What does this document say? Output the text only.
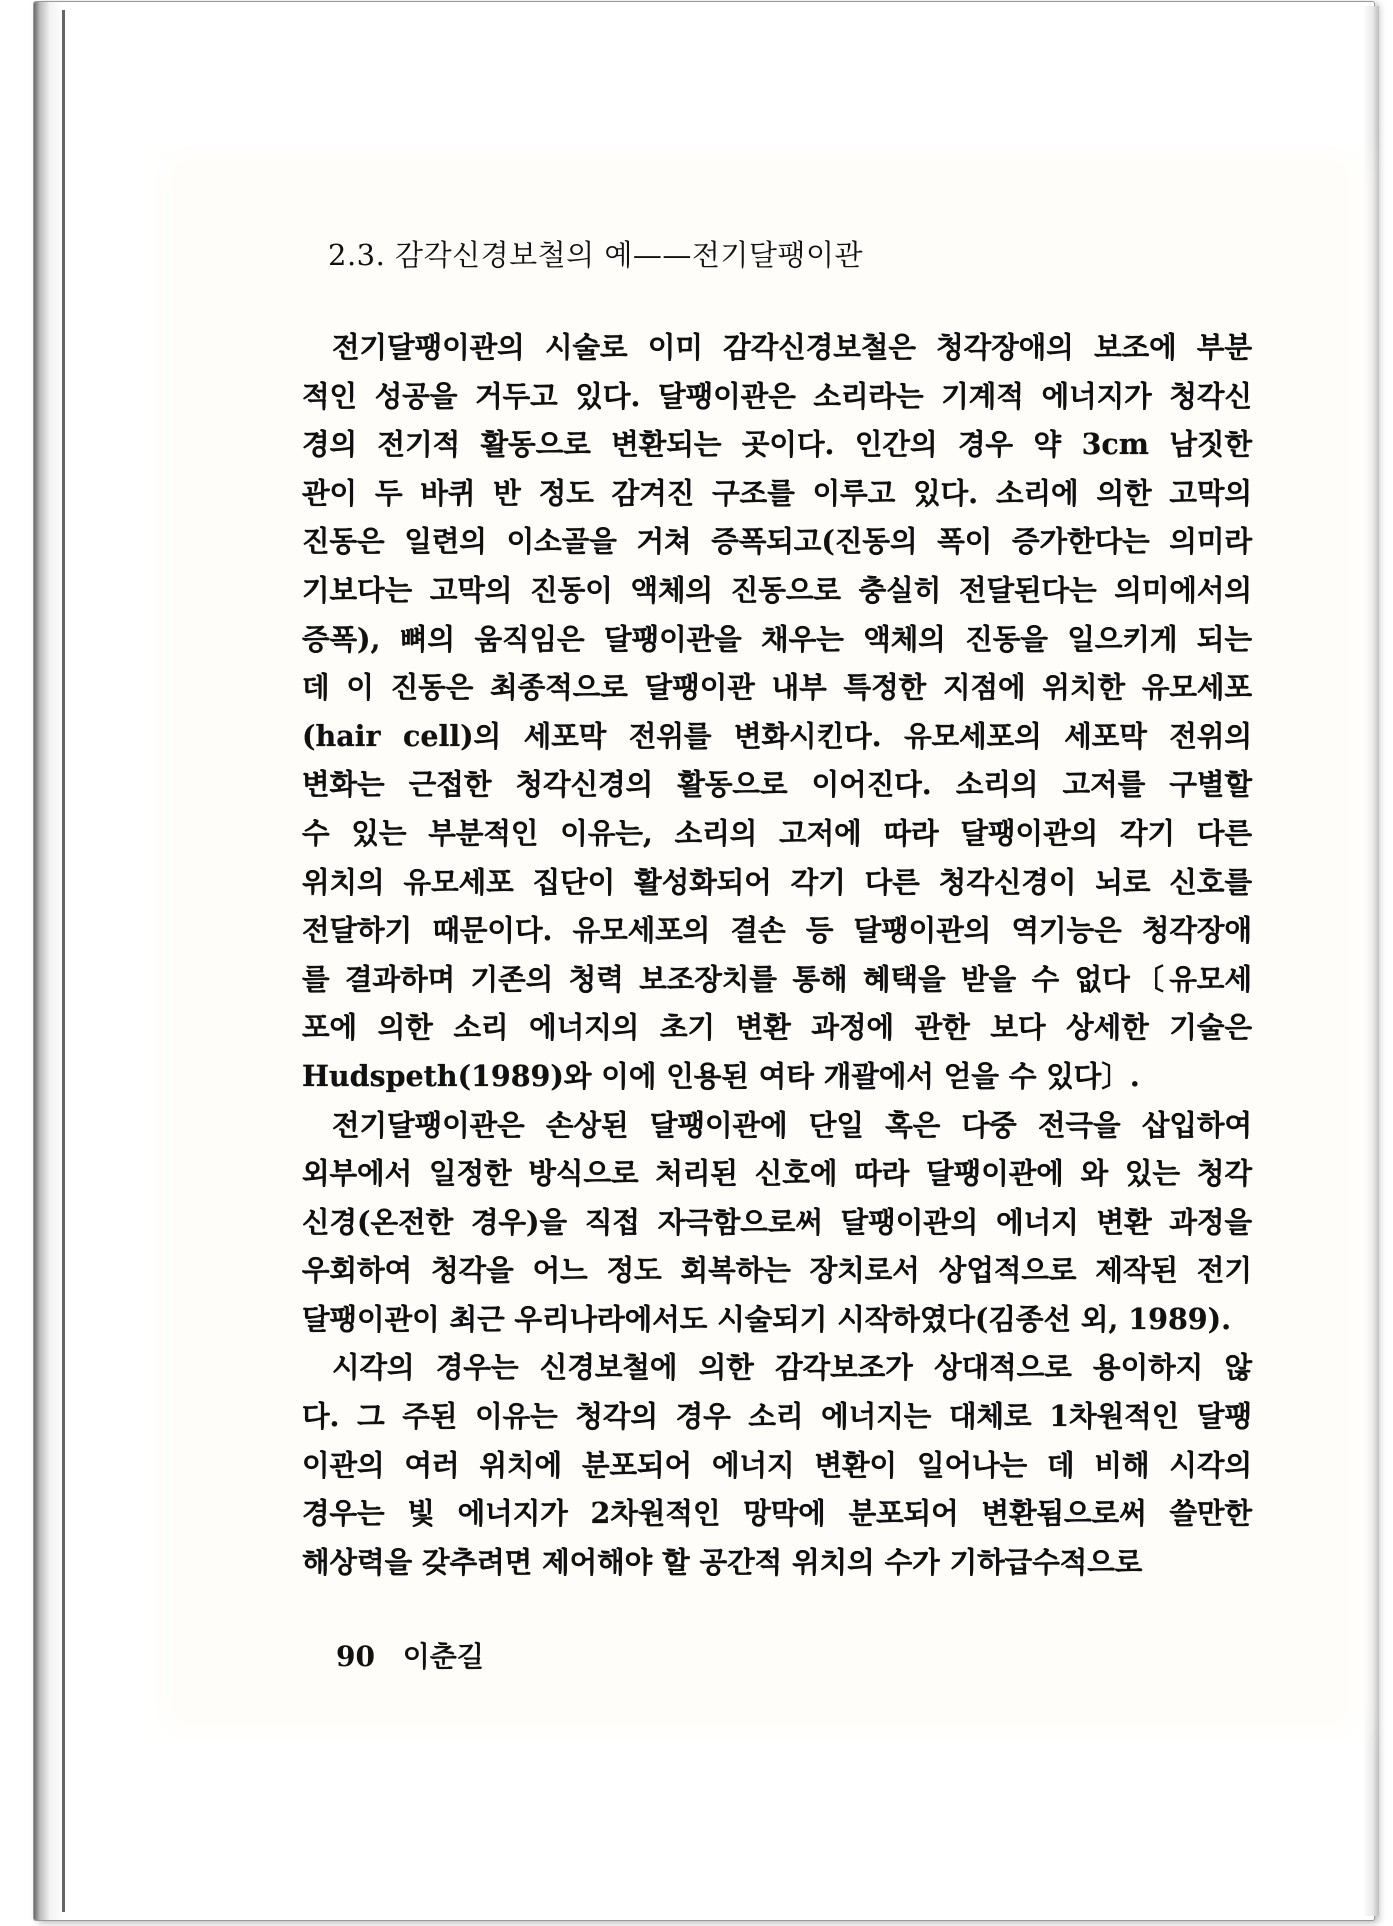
2.3. 감각신경보철의 예——전기달팽이관
전기달팽이관의 시술로 이미 감각신경보철은 청각장애의 보조에 부분
적인 성공을 거두고 있다. 달팽이관은 소리라는 기계적 에너지가 청각신
경의 전기적 활동으로 변환되는 곳이다. 인간의 경우 약 3cm 남짓한
관이 두 바퀴 반 정도 감겨진 구조를 이루고 있다. 소리에 의한 고막의
진동은 일련의 이소골을 거쳐 증폭되고(진동의 폭이 증가한다는 의미라
기보다는 고막의 진동이 액체의 진동으로 충실히 전달된다는 의미에서의
증폭), 뼈의 움직임은 달팽이관을 채우는 액체의 진동을 일으키게 되는
데 이 진동은 최종적으로 달팽이관 내부 특정한 지점에 위치한 유모세포
(hair cell)의 세포막 전위를 변화시킨다. 유모세포의 세포막 전위의
변화는 근접한 청각신경의 활동으로 이어진다. 소리의 고저를 구별할
수 있는 부분적인 이유는, 소리의 고저에 따라 달팽이관의 각기 다른
위치의 유모세포 집단이 활성화되어 각기 다른 청각신경이 뇌로 신호를
전달하기 때문이다. 유모세포의 결손 등 달팽이관의 역기능은 청각장애
를 결과하며 기존의 청력 보조장치를 통해 혜택을 받을 수 없다〔유모세
포에 의한 소리 에너지의 초기 변환 과정에 관한 보다 상세한 기술은
Hudspeth(1989)와 이에 인용된 여타 개괄에서 얻을 수 있다〕.
전기달팽이관은 손상된 달팽이관에 단일 혹은 다중 전극을 삽입하여
외부에서 일정한 방식으로 처리된 신호에 따라 달팽이관에 와 있는 청각
신경(온전한 경우)을 직접 자극함으로써 달팽이관의 에너지 변환 과정을
우회하여 청각을 어느 정도 회복하는 장치로서 상업적으로 제작된 전기
달팽이관이 최근 우리나라에서도 시술되기 시작하였다(김종선 외, 1989).
시각의 경우는 신경보철에 의한 감각보조가 상대적으로 용이하지 않
다. 그 주된 이유는 청각의 경우 소리 에너지는 대체로 1차원적인 달팽
이관의 여러 위치에 분포되어 에너지 변환이 일어나는 데 비해 시각의
경우는 빛 에너지가 2차원적인 망막에 분포되어 변환됨으로써 쓸만한
해상력을 갖추려면 제어해야 할 공간적 위치의 수가 기하급수적으로
90 이춘길
